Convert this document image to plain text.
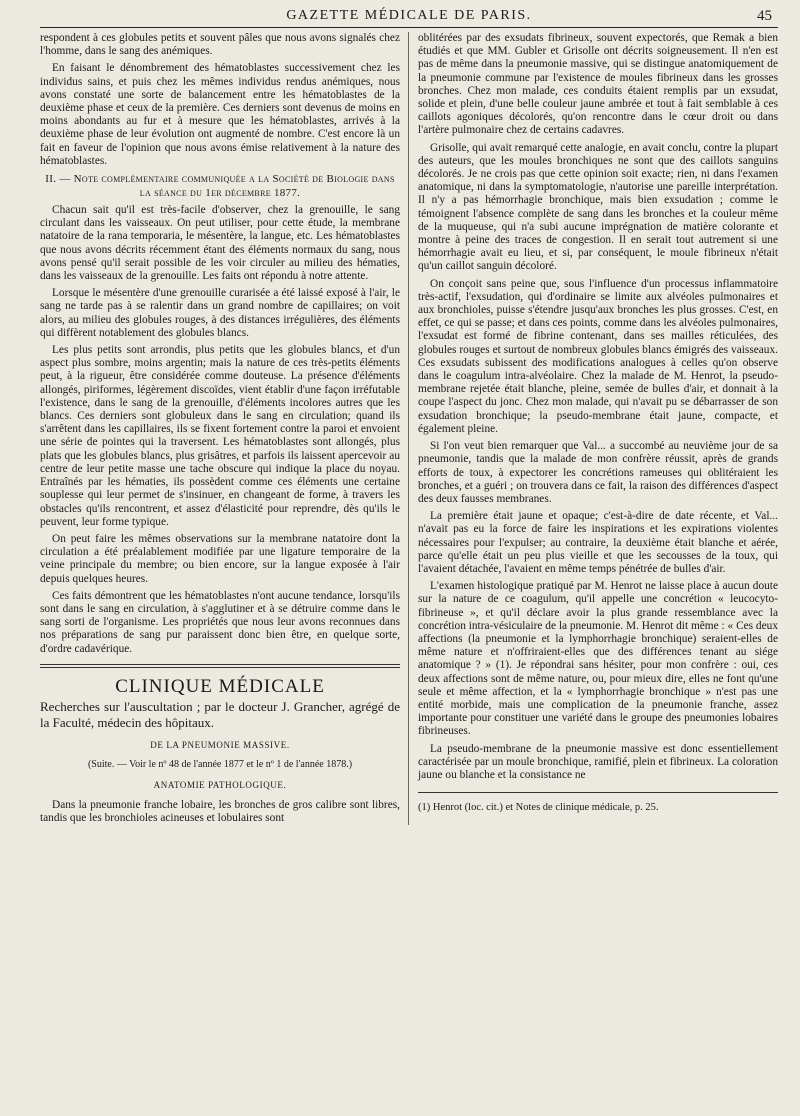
GAZETTE MÉDICALE DE PARIS.	45

respondent à ces globules petits et souvent pâles que nous avons signalés chez l'homme, dans le sang des anémiques.

En faisant le dénombrement des hématoblastes successivement chez les individus sains, et puis chez les mêmes individus rendus anémiques, nous avons constaté une sorte de balancement entre les hématoblastes de la deuxième phase et ceux de la première. Ces derniers sont devenus de moins en moins abondants au fur et à mesure que les hématoblastes, arrivés à la deuxième phase de leur évolution ont augmenté de nombre. C'est encore là un fait en faveur de l'opinion que nous avons émise relativement à la nature des hématoblastes.

II. — Note complémentaire communiquée a la Société de Biologie dans la séance du 1er décembre 1877.

Chacun sait qu'il est très-facile d'observer, chez la grenouille, le sang circulant dans les vaisseaux. On peut utiliser, pour cette étude, la membrane natatoire de la rana temporaria, le mésentère, la langue, etc. Les hématoblastes que nous avons décrits récemment étant des éléments normaux du sang, nous avons pensé qu'il serait possible de les voir circuler au milieu des hématies, dans les vaisseaux de la grenouille. Les faits ont répondu à notre attente.

Lorsque le mésentère d'une grenouille curarisée a été laissé exposé à l'air, le sang ne tarde pas à se ralentir dans un grand nombre de capillaires; on voit alors, au milieu des globules rouges, à des distances irrégulières, des éléments qui diffèrent notablement des globules blancs.

Les plus petits sont arrondis, plus petits que les globules blancs, et d'un aspect plus sombre, moins argentin; mais la nature de ces très-petits éléments peut, à la rigueur, être considérée comme douteuse. La présence d'éléments allongés, piriformes, légèrement discoïdes, vient établir d'une façon irréfutable l'existence, dans le sang de la grenouille, d'éléments incolores autres que les blancs. Ces derniers sont globuleux dans le sang en circulation; quand ils s'arrêtent dans les capillaires, ils se fixent fortement contre la paroi et envoient une série de pointes qui la traversent. Les hématoblastes sont allongés, plus plats que les globules blancs, plus grisâtres, et parfois ils laissent apercevoir au centre de leur petite masse une tache obscure qui indique la place du noyau. Entraînés par les hématies, ils possèdent comme ces éléments une certaine souplesse qui leur permet de s'insinuer, en changeant de forme, à travers les obstacles qu'ils rencontrent, et assez d'élasticité pour reprendre, dès qu'ils le peuvent, leur forme typique.

On peut faire les mêmes observations sur la membrane natatoire dont la circulation a été préalablement modifiée par une ligature temporaire de la veine principale du membre; ou bien encore, sur la langue exposée à l'air depuis quelques heures.

Ces faits démontrent que les hématoblastes n'ont aucune tendance, lorsqu'ils sont dans le sang en circulation, à s'agglutiner et à se détruire comme dans le sang sorti de l'organisme. Les propriétés que nous leur avons reconnues dans nos préparations de sang pur paraissent donc bien être, en quelque sorte, d'ordre cadavérique.

CLINIQUE MÉDICALE

Recherches sur l'auscultation ; par le docteur J. Grancher, agrégé de la Faculté, médecin des hôpitaux.

DE LA PNEUMONIE MASSIVE.

(Suite. — Voir le nº 48 de l'année 1877 et le nº 1 de l'année 1878.)

ANATOMIE PATHOLOGIQUE.

Dans la pneumonie franche lobaire, les bronches de gros calibre sont libres, tandis que les bronchioles acineuses et lobulaires sont

oblitérées par des exsudats fibrineux, souvent expectorés, que Remak a bien étudiés et que MM. Gubler et Grisolle ont décrits soigneusement. Il n'en est pas de même dans la pneumonie massive, qui se distingue anatomiquement de la pneumonie commune par l'existence de moules fibrineux dans les grosses bronches. Chez mon malade, ces conduits étaient remplis par un exsudat, solide et plein, d'une belle couleur jaune ambrée et tout à fait semblable à ces caillots agoniques décolorés, qu'on rencontre dans le cœur droit ou dans l'artère pulmonaire chez de certains cadavres.

Grisolle, qui avait remarqué cette analogie, en avait conclu, contre la plupart des auteurs, que les moules bronchiques ne sont que des caillots sanguins décolorés. Je ne crois pas que cette opinion soit exacte; rien, ni dans l'examen anatomique, ni dans la symptomatologie, n'autorise une pareille interprétation. Il n'y a pas hémorrhagie bronchique, mais bien exsudation ; comme le témoignent l'absence complète de sang dans les bronches et la couleur même de la muqueuse, qui n'a subi aucune imprégnation de matière colorante et montre à peine des traces de congestion. Il en serait tout autrement si une hémorrhagie avait eu lieu, et si, par conséquent, le moule fibrineux n'était qu'un caillot sanguin décoloré.

On conçoit sans peine que, sous l'influence d'un processus inflammatoire très-actif, l'exsudation, qui d'ordinaire se limite aux alvéoles pulmonaires et aux bronchioles, puisse s'étendre jusqu'aux bronches les plus grosses. C'est, en effet, ce qui se passe; et dans ces points, comme dans les alvéoles pulmonaires, l'exsudat est formé de fibrine contenant, dans ses mailles réticulées, des globules rouges et surtout de nombreux globules blancs émigrés des vaisseaux. Ces exsudats subissent des modifications analogues à celles qu'on observe dans le coagulum intra-alvéolaire. Chez la malade de M. Henrot, la pseudo-membrane rejetée était blanche, pleine, semée de bulles d'air, et donnait à la coupe l'aspect du jonc. Chez mon malade, qui n'avait pu se débarrasser de son exsudation bronchique; la pseudo-membrane était jaune, compacte, et également pleine.

Si l'on veut bien remarquer que Val... a succombé au neuvième jour de sa pneumonie, tandis que la malade de mon confrère réussit, après de grands efforts de toux, à expectorer les concrétions rameuses qui oblitéraient les bronches, et a guéri ; on trouvera dans ce fait, la raison des différences d'aspect des deux fausses membranes.

La première était jaune et opaque; c'est-à-dire de date récente, et Val... n'avait pas eu la force de faire les inspirations et les expirations violentes nécessaires pour l'expulser; au contraire, la deuxième était blanche et aérée, parce qu'elle était un peu plus vieille et que les secousses de la toux, qui l'avaient détachée, l'avaient en même temps pénétrée de bulles d'air.

L'examen histologique pratiqué par M. Henrot ne laisse place à aucun doute sur la nature de ce coagulum, qu'il appelle une concrétion « leucocyto-fibrineuse », et qu'il déclare avoir la plus grande ressemblance avec la concrétion intra-vésiculaire de la pneumonie. M. Henrot dit même : « Ces deux affections (la pneumonie et la lymphorrhagie bronchique) seraient-elles de même nature et n'offriraient-elles que des différences tenant au siége anatomique ? » (1). Je répondrai sans hésiter, pour mon confrère : oui, ces deux affections sont de même nature, ou, pour mieux dire, elles ne font qu'une seule et même affection, et la « lymphorrhagie bronchique » n'est pas une entité morbide, mais une complication de la pneumonie franche, assez importante pour constituer une variété dans le groupe des pneumonies lobaires fibrineuses.

La pseudo-membrane de la pneumonie massive est donc essentiellement caractérisée par un moule bronchique, ramifié, plein et fibrineux. La coloration jaune ou blanche et la consistance ne

(1) Henrot (loc. cit.) et Notes de clinique médicale, p. 25.
